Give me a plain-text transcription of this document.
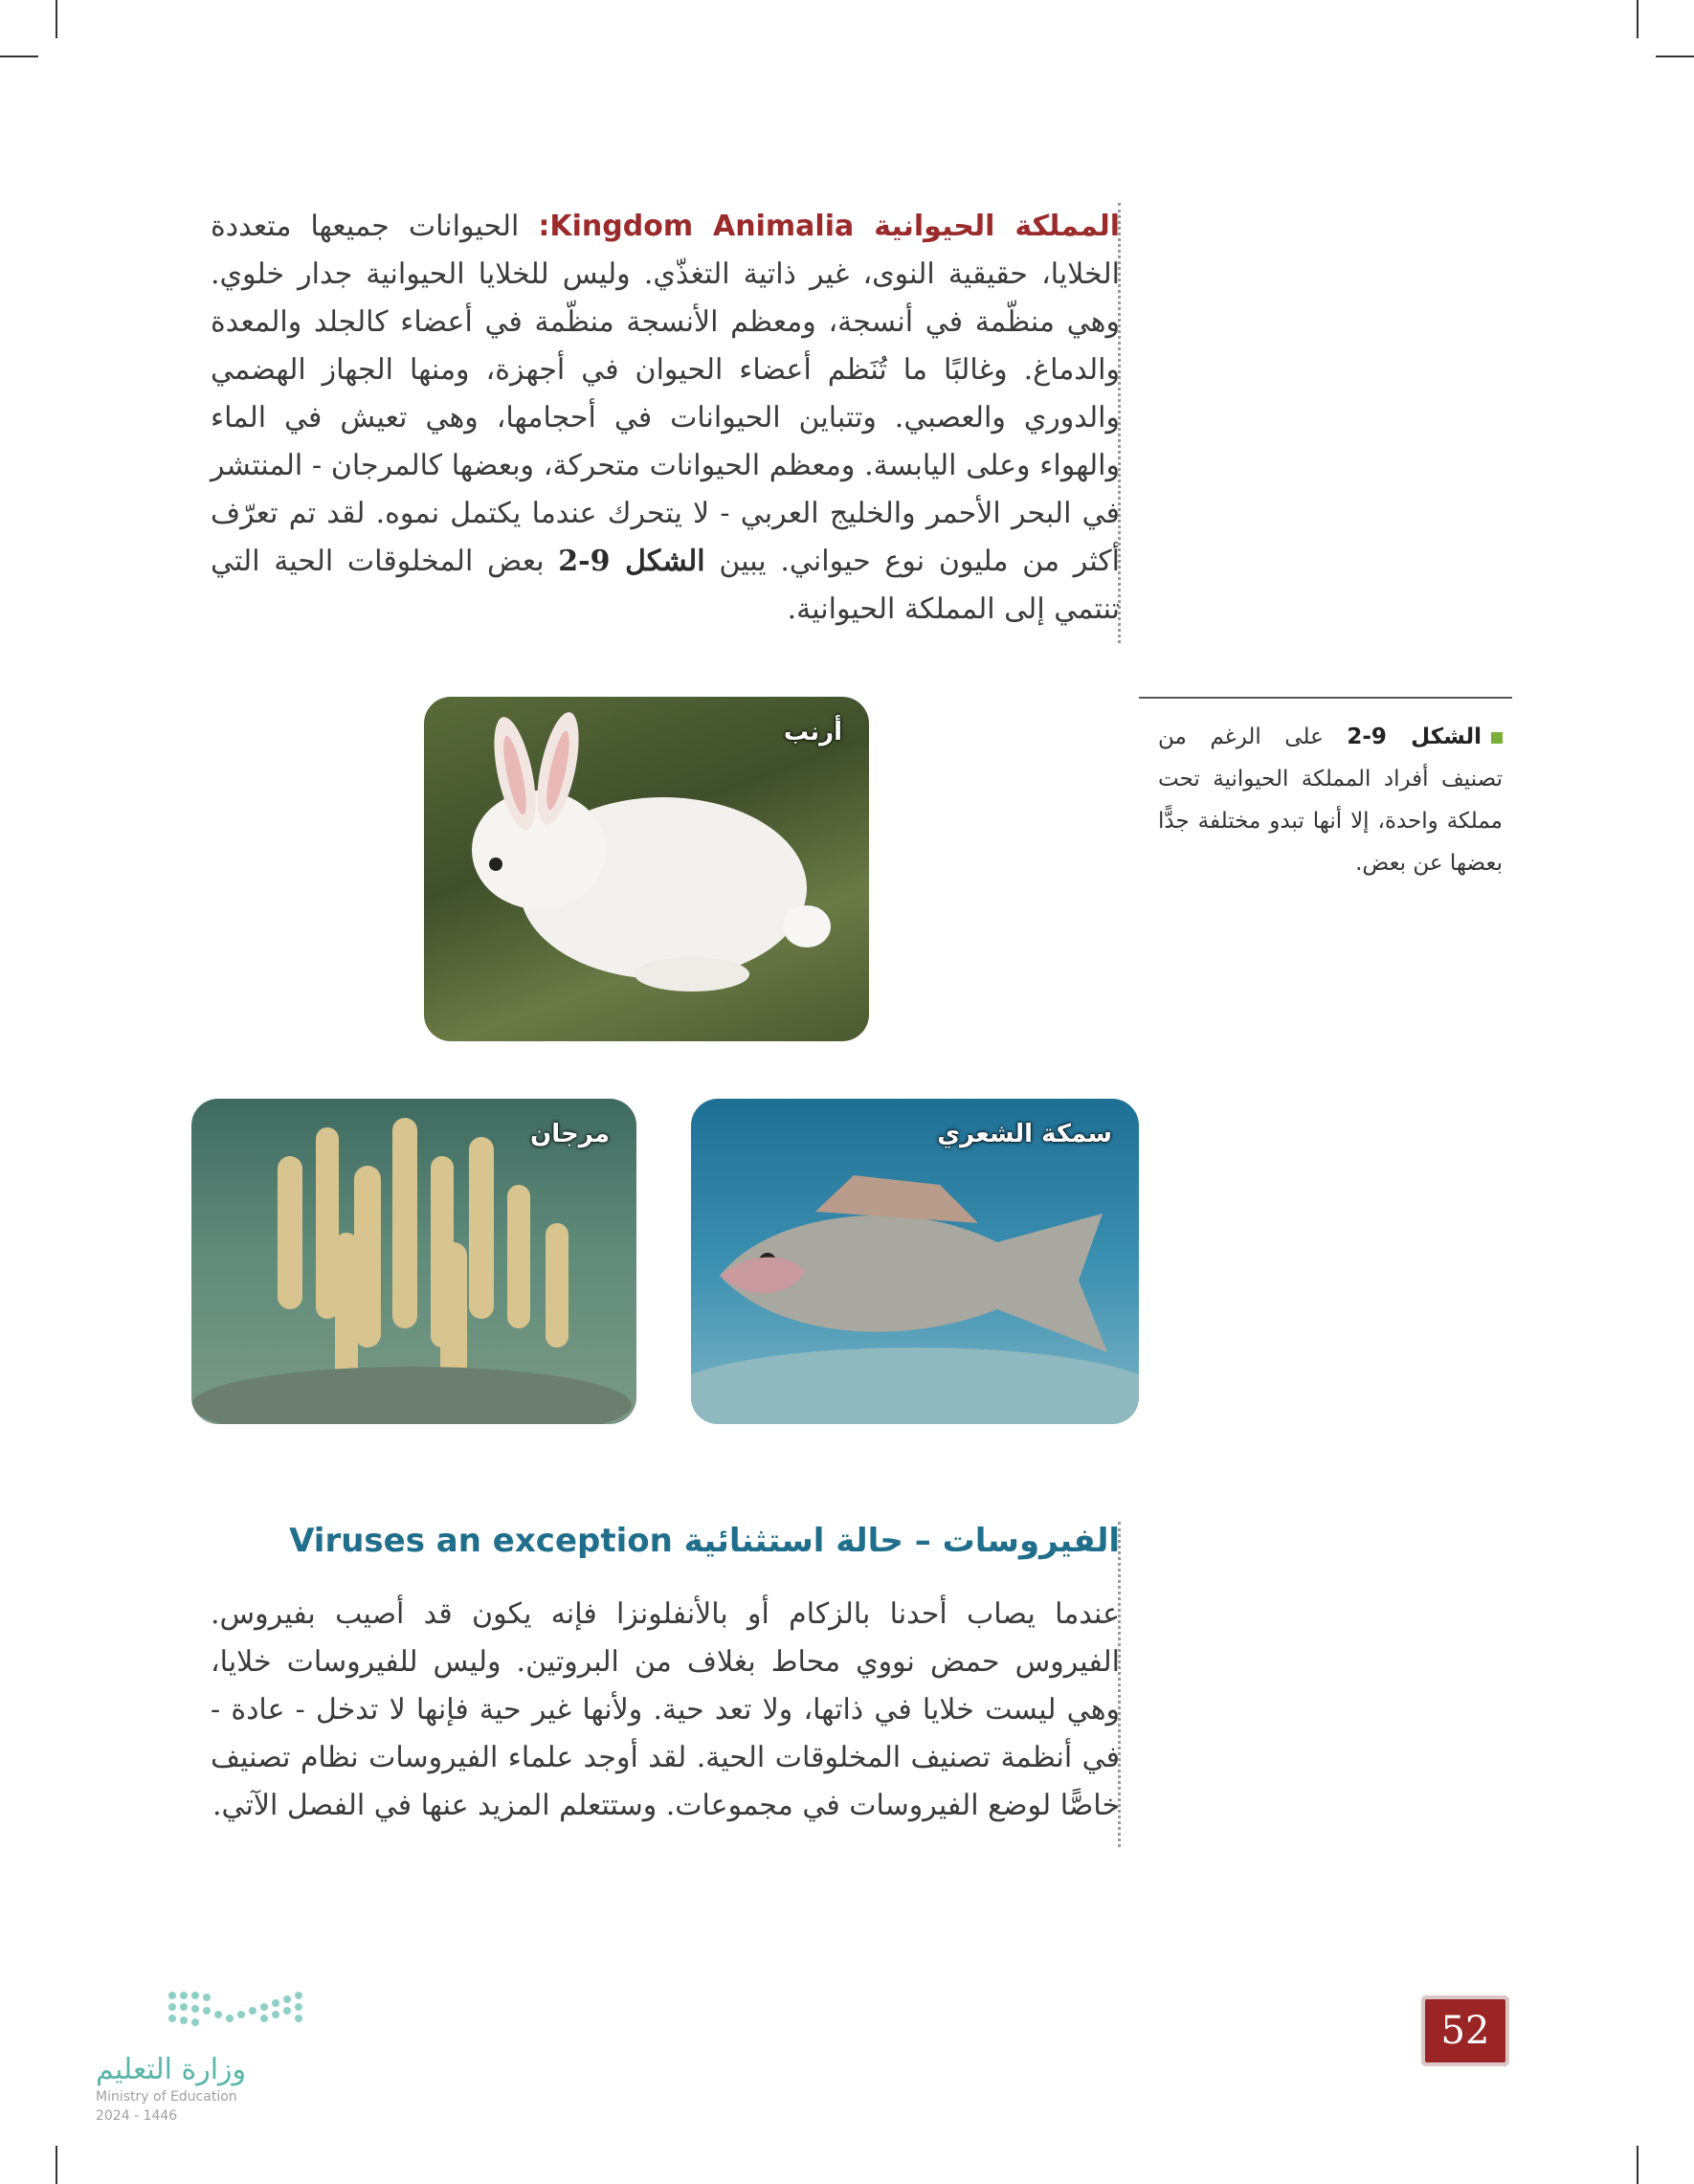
المملكة الحيوانية Kingdom Animalia: الحيوانات جميعها متعددة الخلايا، حقيقية النوى، غير ذاتية التغذّي. وليس للخلايا الحيوانية جدار خلوي. وهي منظّمة في أنسجة، ومعظم الأنسجة منظّمة في أعضاء كالجلد والمعدة والدماغ. وغالبًا ما تُنَظم أعضاء الحيوان في أجهزة، ومنها الجهاز الهضمي والدوري والعصبي. وتتباين الحيوانات في أحجامها، وهي تعيش في الماء والهواء وعلى اليابسة. ومعظم الحيوانات متحركة، وبعضها كالمرجان - المنتشر في البحر الأحمر والخليج العربي - لا يتحرك عندما يكتمل نموه. لقد تم تعرّف أكثر من مليون نوع حيواني. يبين الشكل 9-2 بعض المخلوقات الحية التي تنتمي إلى المملكة الحيوانية.
الشكل 9-2 على الرغم من تصنيف أفراد المملكة الحيوانية تحت مملكة واحدة، إلا أنها تبدو مختلفة جدًّا بعضها عن بعض.
أرنب
مرجان	سمكة الشعري
الفيروسات – حالة استثنائية Viruses an exception
عندما يصاب أحدنا بالزكام أو بالأنفلونزا فإنه يكون قد أصيب بفيروس. الفيروس حمض نووي محاط بغلاف من البروتين. وليس للفيروسات خلايا، وهي ليست خلايا في ذاتها، ولا تعد حية. ولأنها غير حية فإنها لا تدخل - عادة - في أنظمة تصنيف المخلوقات الحية. لقد أوجد علماء الفيروسات نظام تصنيف خاصًّا لوضع الفيروسات في مجموعات. وستتعلم المزيد عنها في الفصل الآتي.
52
وزارة التعليم
Ministry of Education
2024 - 1446
